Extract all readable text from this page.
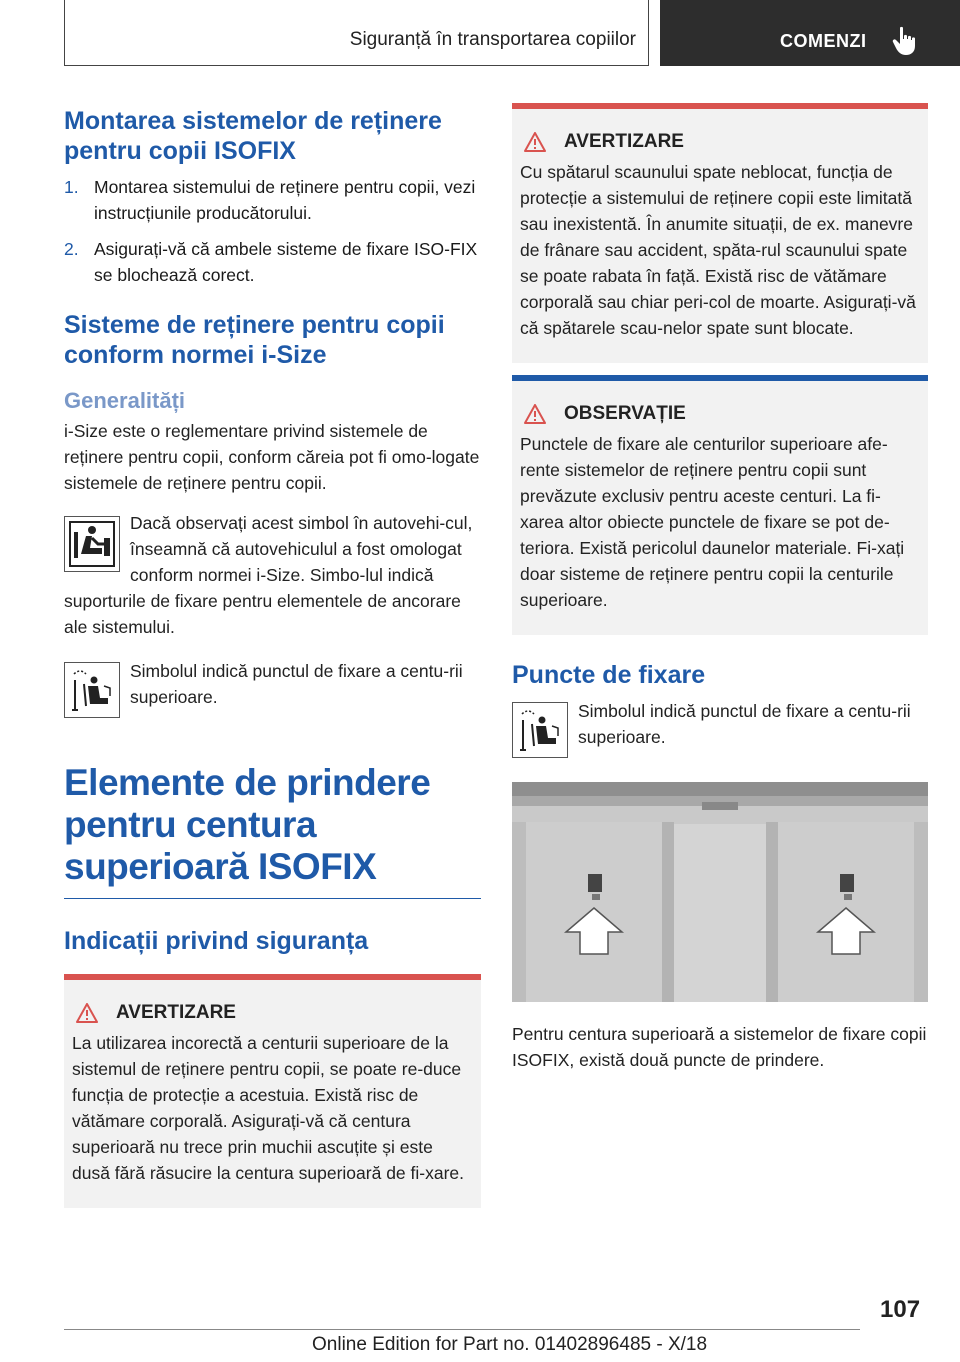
Siguranță în transportarea copiilor	COMENZI
Montarea sistemelor de reținere pentru copii ISOFIX
1. Montarea sistemului de reținere pentru copii, vezi instrucțiunile producătorului.
2. Asigurați-vă că ambele sisteme de fixare ISO-FIX se blochează corect.
Sisteme de reținere pentru copii conform normei i-Size
Generalități

i-Size este o reglementare privind sistemele de reținere pentru copii, conform căreia pot fi omo-logate sistemele de reținere pentru copii.

Dacă observați acest simbol în autovehi-cul, înseamnă că autovehiculul a fost omologat conform normei i-Size. Simbo-lul indică suporturile de fixare pentru elementele de ancorare ale sistemului.

Simbolul indică punctul de fixare a centu-rii superioare.

Elemente de prindere pentru centura superioară ISOFIX
Indicații privind siguranța
AVERTIZARE

La utilizarea incorectă a centurii superioare de la sistemul de reținere pentru copii, se poate re-duce funcția de protecție a acestuia. Există risc de vătămare corporală. Asigurați-vă că centura superioară nu trece prin muchii ascuțite și este dusă fără răsucire la centura superioară de fi-xare.

AVERTIZARE

Cu spătarul scaunului spate neblocat, funcția de protecție a sistemului de reținere copii este limitată sau inexistentă. În anumite situații, de ex. manevre de frânare sau accident, spăta-rul scaunului spate se poate rabata în față. Există risc de vătămare corporală sau chiar peri-col de moarte. Asigurați-vă că spătarele scau-nelor spate sunt blocate.

OBSERVAȚIE

Punctele de fixare ale centurilor superioare afe-rente sistemelor de reținere pentru copii sunt prevăzute exclusiv pentru aceste centuri. La fi-xarea altor obiecte punctele de fixare se pot de-teriora. Există pericolul daunelor materiale. Fi-xați doar sisteme de reținere pentru copii la centurile superioare.

Puncte de fixare

Simbolul indică punctul de fixare a centu-rii superioare.

Pentru centura superioară a sistemelor de fixare copii ISOFIX, există două puncte de prindere.

107
Online Edition for Part no. 01402896485 - X/18
